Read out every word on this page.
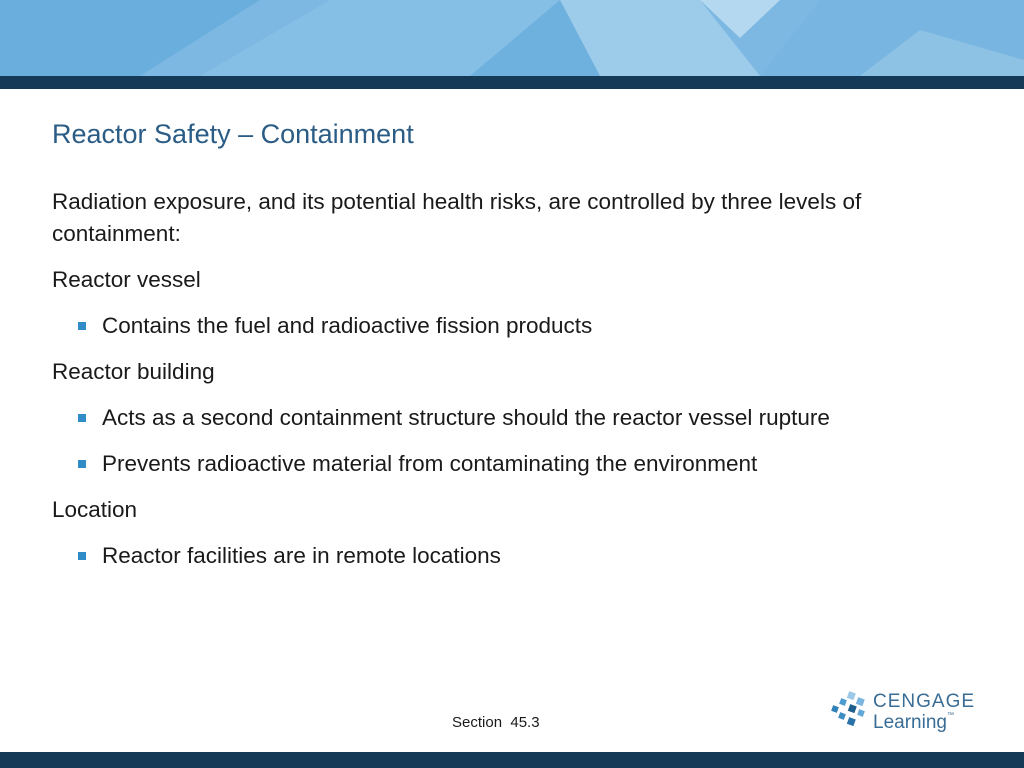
Reactor Safety – Containment
Radiation exposure, and its potential health risks, are controlled by three levels of containment:
Reactor vessel
Contains the fuel and radioactive fission products
Reactor building
Acts as a second containment structure should the reactor vessel rupture
Prevents radioactive material from contaminating the environment
Location
Reactor facilities are in remote locations
Section  45.3
CENGAGE
Learning™
